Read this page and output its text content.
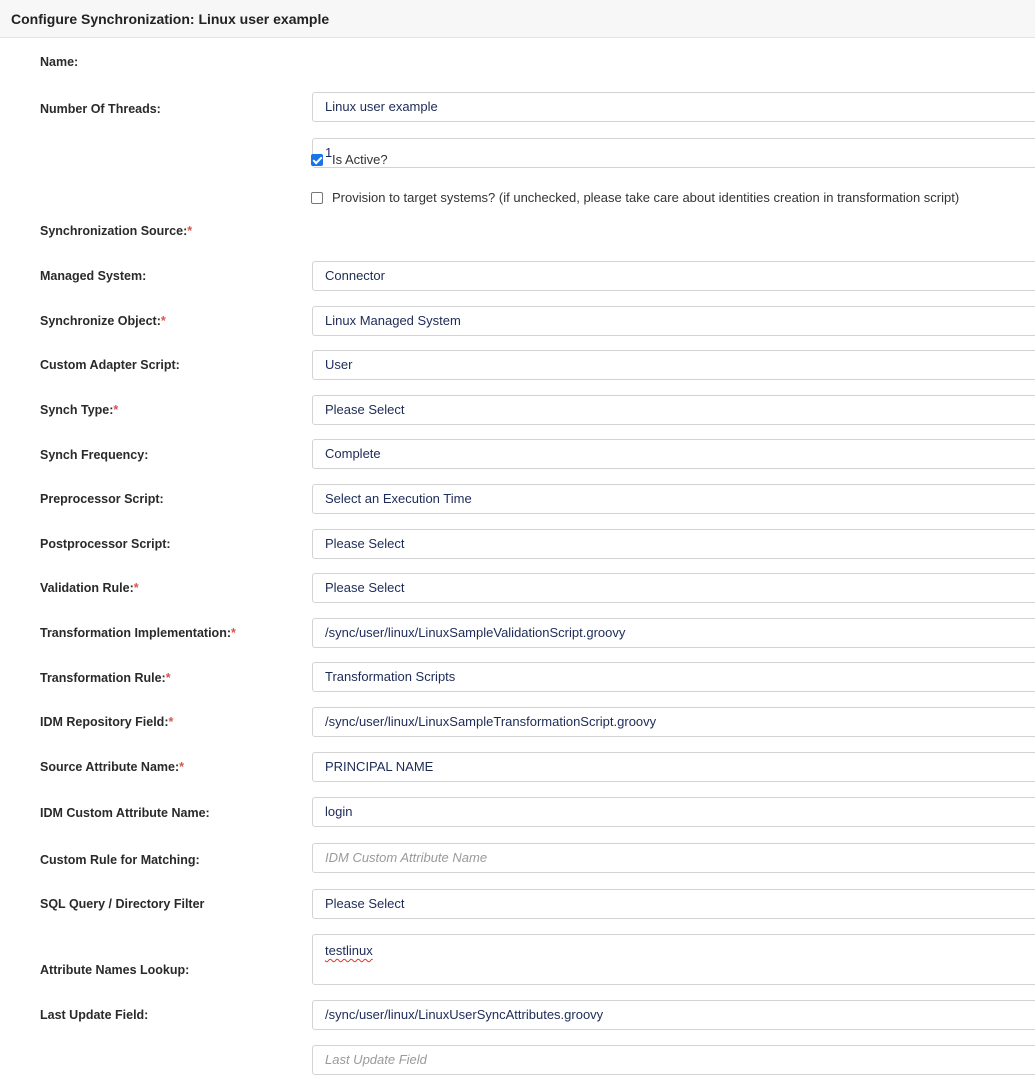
Configure Synchronization: Linux user example
Name:
Linux user example
Number Of Threads:
1 Is Active?
Provision to target systems? (if unchecked, please take care about identities creation in transformation script)
Synchronization Source:*
Connector
Managed System:
Linux Managed System
Synchronize Object:*
User
Custom Adapter Script:
Please Select
Synch Type:*
Complete
Synch Frequency:
Select an Execution Time
Preprocessor Script:
Please Select
Postprocessor Script:
Please Select
Validation Rule:*
/sync/user/linux/LinuxSampleValidationScript.groovy
Transformation Implementation:*
Transformation Scripts
Transformation Rule:*
/sync/user/linux/LinuxSampleTransformationScript.groovy
IDM Repository Field:*
PRINCIPAL NAME
Source Attribute Name:*
login
IDM Custom Attribute Name:
IDM Custom Attribute Name
Custom Rule for Matching:
Please Select
SQL Query / Directory Filter
testlinux
Attribute Names Lookup:
/sync/user/linux/LinuxUserSyncAttributes.groovy
Last Update Field:
Last Update Field
